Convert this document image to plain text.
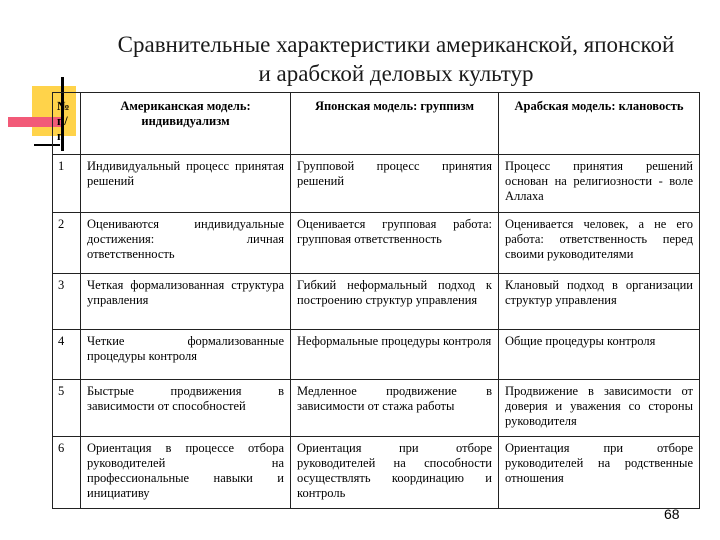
Сравнительные характеристики американской, японской
и арабской деловых культур
№ п/ п	Американская модель: индивидуализм	Японская модель: группизм	Арабская модель: клановость
1	Индивидуальный процесс принятая решений	Групповой процесс принятия решений	Процесс принятия решений основан на религиозности - воле Аллаха
2	Оцениваются индивидуальные достижения: личная ответственность	Оценивается групповая работа: групповая ответственность	Оценивается человек, а не его работа: ответственность перед своими руководителями
3	Четкая формализованная структура управления	Гибкий неформальный подход к построению структур управления	Клановый подход в организации структур управления
4	Четкие формализованные процедуры контроля	Неформальные процедуры контроля	Общие процедуры контроля
5	Быстрые продвижения в зависимости от способностей	Медленное продвижение в зависимости от стажа работы	Продвижение в зависимости от доверия и уважения со стороны руководителя
6	Ориентация в процессе отбора руководителей на профессиональные навыки и инициативу	Ориентация при отборе руководителей на способности осуществлять координацию и контроль	Ориентация при отборе руководителей на родственные отношения
68
